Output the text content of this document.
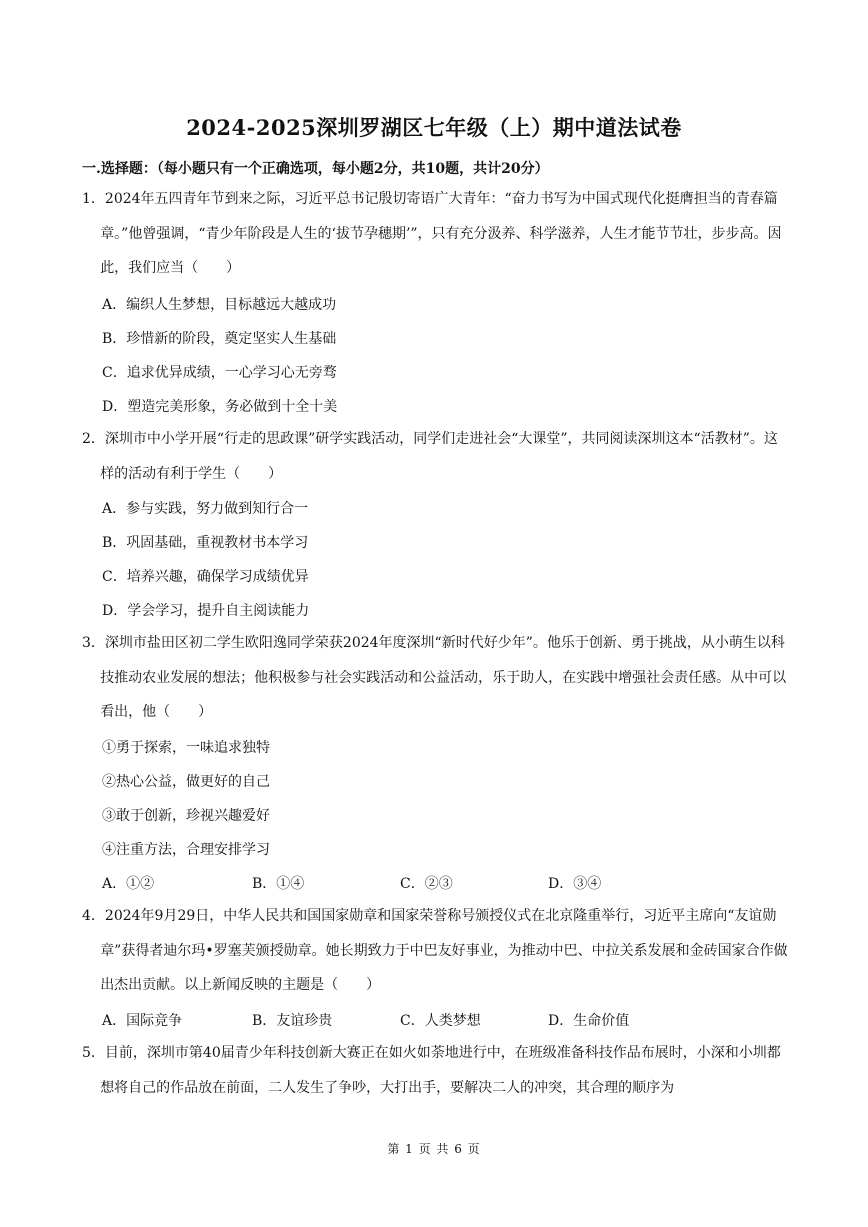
2024-2025深圳罗湖区七年级（上）期中道法试卷
一.选择题：（每小题只有一个正确选项，每小题2分，共10题，共计20分）

1．2024年五四青年节到来之际，习近平总书记殷切寄语广大青年：“奋力书写为中国式现代化挺膺担当的青春篇章。”他曾强调，“青少年阶段是人生的‘拔节孕穗期’”，只有充分汲养、科学滋养，人生才能节节壮，步步高。因此，我们应当（　　）

A．编织人生梦想，目标越远大越成功
B．珍惜新的阶段，奠定坚实人生基础
C．追求优异成绩，一心学习心无旁骛
D．塑造完美形象，务必做到十全十美

2．深圳市中小学开展“行走的思政课”研学实践活动，同学们走进社会“大课堂”，共同阅读深圳这本“活教材”。这样的活动有利于学生（　　）

A．参与实践，努力做到知行合一
B．巩固基础，重视教材书本学习
C．培养兴趣，确保学习成绩优异
D．学会学习，提升自主阅读能力

3．深圳市盐田区初二学生欧阳逸同学荣获2024年度深圳“新时代好少年”。他乐于创新、勇于挑战，从小萌生以科技推动农业发展的想法；他积极参与社会实践活动和公益活动，乐于助人，在实践中增强社会责任感。从中可以看出，他（　　）

①勇于探索，一味追求独特
②热心公益，做更好的自己
③敢于创新，珍视兴趣爱好
④注重方法，合理安排学习
A．①②	B．①④	C．②③	D．③④

4．2024年9月29日，中华人民共和国国家勋章和国家荣誉称号颁授仪式在北京隆重举行，习近平主席向“友谊勋章”获得者迪尔玛•罗塞芙颁授勋章。她长期致力于中巴友好事业，为推动中巴、中拉关系发展和金砖国家合作做出杰出贡献。以上新闻反映的主题是（　　）

A．国际竞争	B．友谊珍贵	C．人类梦想	D．生命价值

5．目前，深圳市第40届青少年科技创新大赛正在如火如荼地进行中，在班级准备科技作品布展时，小深和小圳都想将自己的作品放在前面，二人发生了争吵，大打出手，要解决二人的冲突，其合理的顺序为

第 1 页 共 6 页
